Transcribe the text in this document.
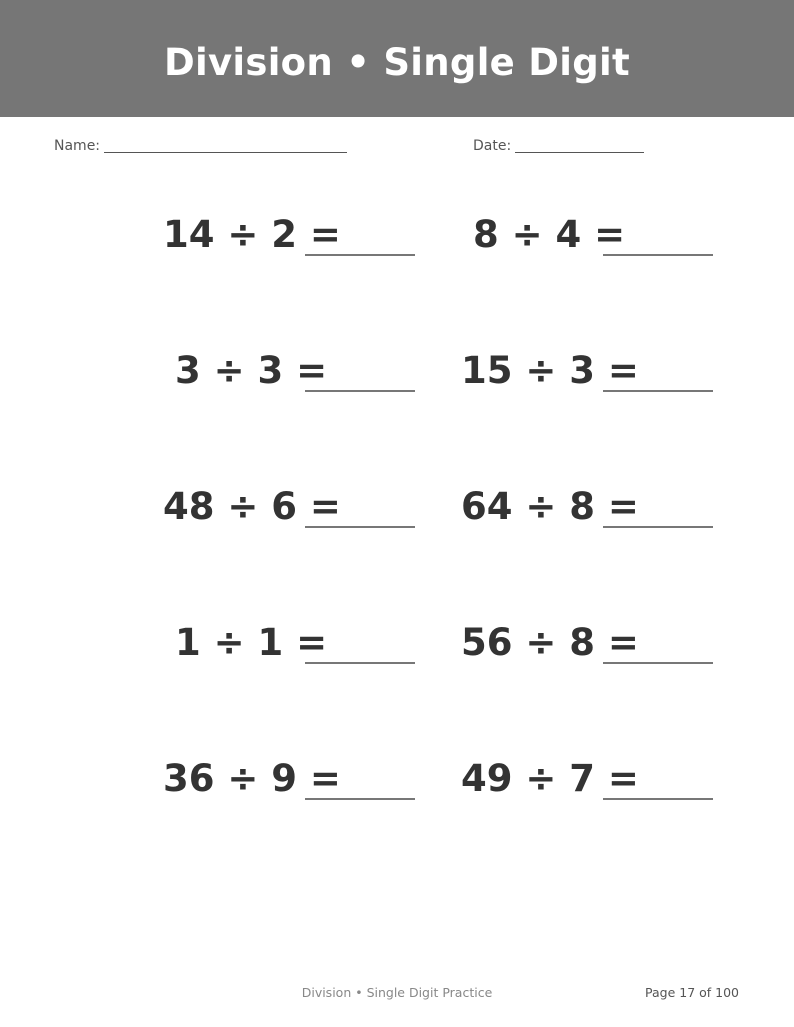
Division • Single Digit
Name:	Date:
14 ÷ 2 =	8 ÷ 4 =
3 ÷ 3 =	15 ÷ 3 =
48 ÷ 6 =	64 ÷ 8 =
1 ÷ 1 =	56 ÷ 8 =
36 ÷ 9 =	49 ÷ 7 =
Division • Single Digit Practice	Page 17 of 100
